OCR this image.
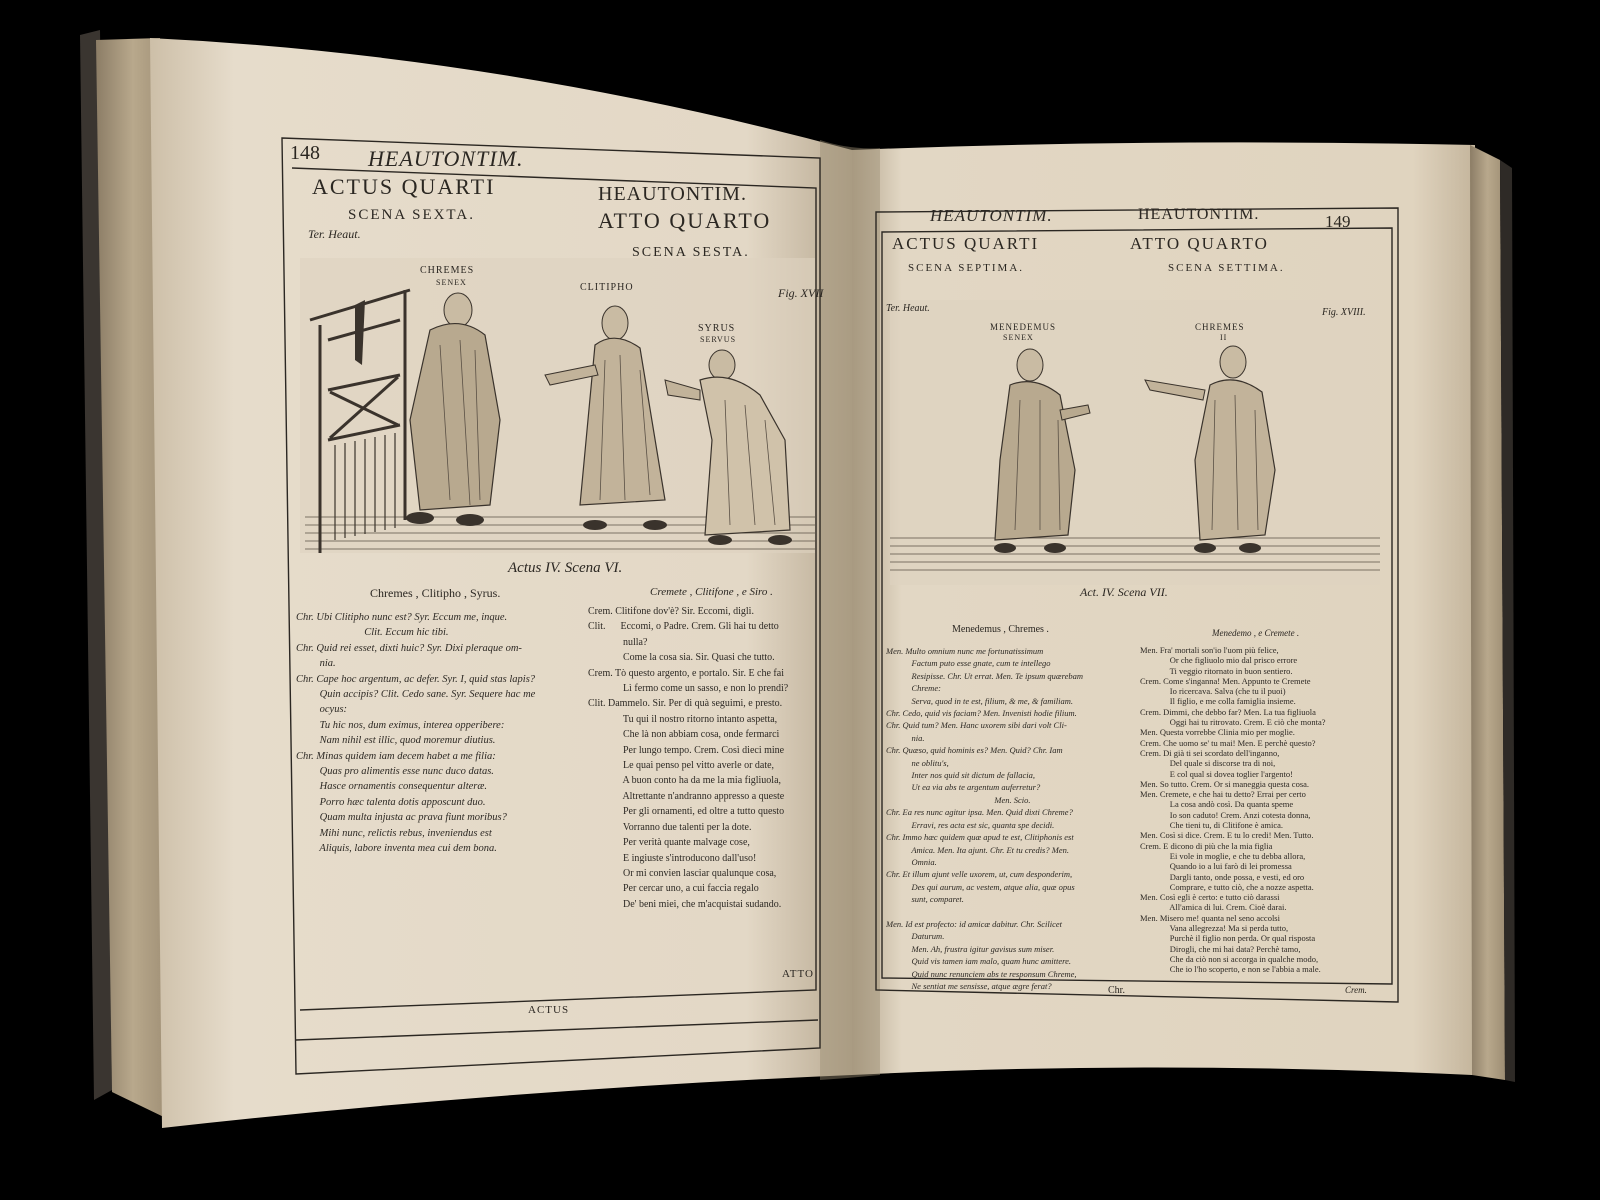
148 HEAUTONTIM.
HEAUTONTIM.
ACTUS QUARTI
ATTO QUARTO
SCENA SEXTA.
SCENA SESTA.
Ter. Heaut.
Fig. XVII
CHREMES
SENEX	CLITIPHO
SYRUS
SERVUS
Actus IV. Scena VI.
Chremes , Clitipho , Syrus.	Cremete , Clitifone , e Siro .
Chr. Ubi Clitipho nunc est? Syr. Eccum me, inque.
Clit. Eccum hic tibi.
Chr. Quid rei esset, dixti huic? Syr. Dixi pleraque om-
nia.
Chr. Cape hoc argentum, ac defer. Syr. I, quid stas lapis?
Quin accipis? Clit. Cedo sane. Syr. Sequere hac me
ocyus:
Tu hic nos, dum eximus, interea opperibere:
Nam nihil est illic, quod moremur diutius.
Chr. Minas quidem iam decem habet a me filia:
Quas pro alimentis esse nunc duco datas.
Hasce ornamentis consequentur alteræ.
Porro hæc talenta dotis apposcunt duo.
Quam multa injusta ac prava fiunt moribus?
Mihi nunc, relictis rebus, inveniendus est
Aliquis, labore inventa mea cui dem bona.
Crem. Clitifone dov'è? Sir. Eccomi, digli.
Clit.      Eccomi, o Padre. Crem. Gli hai tu detto
nulla?
Come la cosa sia. Sir. Quasi che tutto.
Crem. Tò questo argento, e portalo. Sir. E che fai
Lì fermo come un sasso, e non lo prendi?
Clit. Dammelo. Sir. Per di quà seguimi, e presto.
Tu qui il nostro ritorno intanto aspetta,
Che là non abbiam cosa, onde fermarci
Per lungo tempo. Crem. Così dieci mine
Le quai penso pel vitto averle or date,
A buon conto ha da me la mia figliuola,
Altrettante n'andranno appresso a queste
Per gli ornamenti, ed oltre a tutto questo
Vorranno due talenti per la dote.
Per verità quante malvage cose,
E ingiuste s'introducono dall'uso!
Or mi convien lasciar qualunque cosa,
Per cercar uno, a cui faccia regalo
De' beni miei, che m'acquistai sudando.
ATTO
ACTUS
HEAUTONTIM.	HEAUTONTIM.	149
ACTUS QUARTI	ATTO QUARTO
SCENA SEPTIMA.	SCENA SETTIMA.
Ter. Heaut.	Fig. XVIII.
MENEDEMUS
SENEX
CHREMES
II
Act. IV. Scena VII.
Menedemus , Chremes .	Menedemo , e Cremete .
Men. Multo omnium nunc me fortunatissimum
Factum puto esse gnate, cum te intellego
Resipisse. Chr. Ut errat. Men. Te ipsum quærebam
Chreme:
Serva, quod in te est, filium, & me, & familiam.
Chr. Cedo, quid vis faciam? Men. Invenisti hodie filium.
Chr. Quid tum? Men. Hanc uxorem sibi dari volt Cli-
nia.
Chr. Quæso, quid hominis es? Men. Quid? Chr. Iam
ne oblitu's,
Inter nos quid sit dictum de fallacia,
Ut ea via abs te argentum auferretur?
Men. Scio.
Chr. Ea res nunc agitur ipsa. Men. Quid dixti Chreme?
Erravi, res acta est sic, quanta spe decidi.
Chr. Immo hæc quidem quæ apud te est, Clitiphonis est
Amica. Men. Ita ajunt. Chr. Et tu credis? Men.
Omnia.
Chr. Et illum ajunt velle uxorem, ut, cum desponderim,
Des qui aurum, ac vestem, atque alia, quæ opus
sunt, comparet.

Men. Id est profecto: id amicæ dabitur. Chr. Scilicet
Daturum.
Men. Ah, frustra igitur gavisus sum miser.
Quid vis tamen iam malo, quam hunc amittere.
Quid nunc renunciem abs te responsum Chreme,
Ne sentiat me sensisse, atque ægre ferat?
Men. Fra' mortali son'io l'uom più felice,
Or che figliuolo mio dal prisco errore
Ti veggio ritornato in buon sentiero.
Crem. Come s'inganna! Men. Appunto te Cremete
Io ricercava. Salva (che tu il puoi)
Il figlio, e me colla famiglia insieme.
Crem. Dimmi, che debbo far? Men. La tua figliuola
Oggi hai tu ritrovato. Crem. E ciò che monta?
Men. Questa vorrebbe Clinia mio per moglie.
Crem. Che uomo se' tu mai! Men. E perchè questo?
Crem. Di già ti sei scordato dell'inganno,
Del quale si discorse tra di noi,
E col qual si dovea toglier l'argento!
Men. So tutto. Crem. Or si maneggia questa cosa.
Men. Cremete, e che hai tu detto? Errai per certo
La cosa andò così. Da quanta speme
Io son caduto! Crem. Anzi cotesta donna,
Che tieni tu, di Clitifone è amica.
Men. Così si dice. Crem. E tu lo credi! Men. Tutto.
Crem. E dicono di più che la mia figlia
Ei vole in moglie, e che tu debba allora,
Quando io a lui farò di lei promessa
Dargli tanto, onde possa, e vesti, ed oro
Comprare, e tutto ciò, che a nozze aspetta.
Men. Così egli è certo: e tutto ciò darassi
All'amica di lui. Crem. Cioè darai.
Men. Misero me! quanta nel seno accolsi
Vana allegrezza! Ma si perda tutto,
Purchè il figlio non perda. Or qual risposta
Dirogli, che mi hai data? Perchè tamo,
Che da ciò non si accorga in qualche modo,
Che io l'ho scoperto, e non se l'abbia a male.
Chr.	Crem.
